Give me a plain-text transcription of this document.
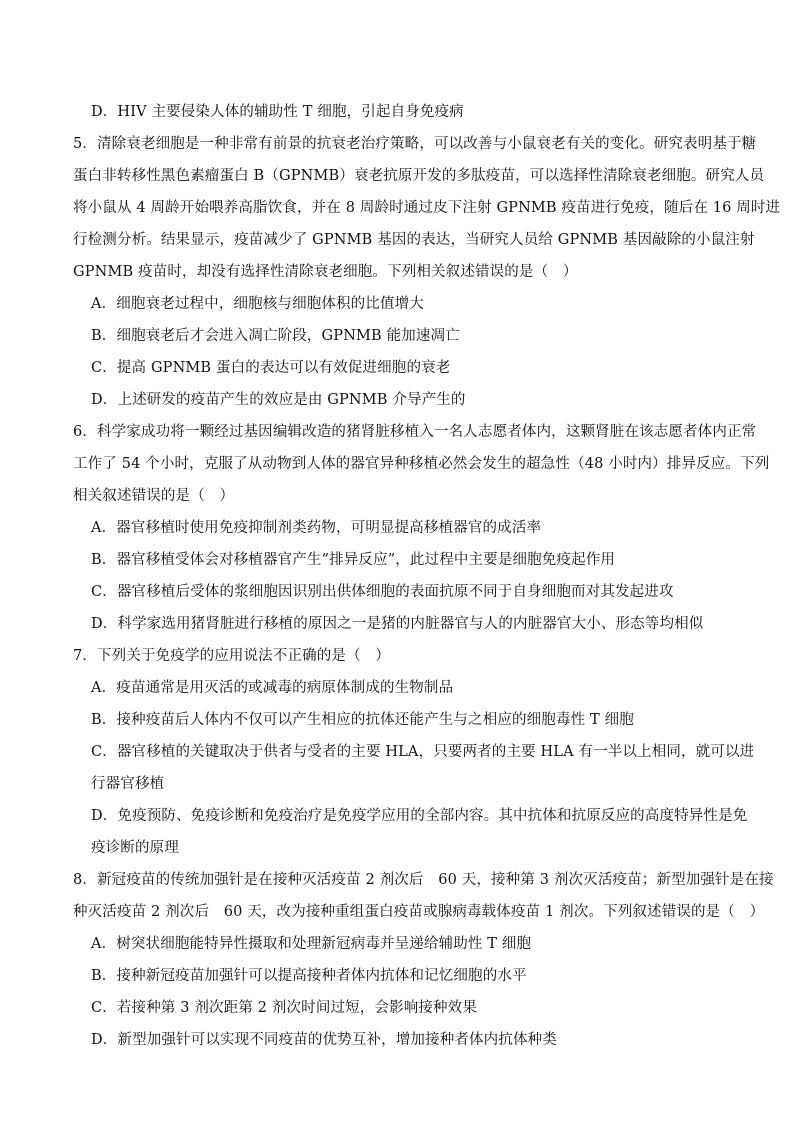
D．HIV 主要侵染人体的辅助性 T 细胞，引起自身免疫病
5．清除衰老细胞是一种非常有前景的抗衰老治疗策略，可以改善与小鼠衰老有关的变化。研究表明基于糖
蛋白非转移性黑色素瘤蛋白 B（GPNMB）衰老抗原开发的多肽疫苗，可以选择性清除衰老细胞。研究人员
将小鼠从 4 周龄开始喂养高脂饮食，并在 8 周龄时通过皮下注射 GPNMB 疫苗进行免疫，随后在 16 周时进
行检测分析。结果显示，疫苗减少了 GPNMB 基因的表达，当研究人员给 GPNMB 基因敲除的小鼠注射
GPNMB 疫苗时，却没有选择性清除衰老细胞。下列相关叙述错误的是（　）
A．细胞衰老过程中，细胞核与细胞体积的比值增大
B．细胞衰老后才会进入凋亡阶段，GPNMB 能加速凋亡
C．提高 GPNMB 蛋白的表达可以有效促进细胞的衰老
D．上述研发的疫苗产生的效应是由 GPNMB 介导产生的
6．科学家成功将一颗经过基因编辑改造的猪肾脏移植入一名人志愿者体内，这颗肾脏在该志愿者体内正常
工作了 54 个小时，克服了从动物到人体的器官异种移植必然会发生的超急性（48 小时内）排异反应。下列
相关叙述错误的是（　）
A．器官移植时使用免疫抑制剂类药物，可明显提高移植器官的成活率
B．器官移植受体会对移植器官产生“排异反应”，此过程中主要是细胞免疫起作用
C．器官移植后受体的浆细胞因识别出供体细胞的表面抗原不同于自身细胞而对其发起进攻
D．科学家选用猪肾脏进行移植的原因之一是猪的内脏器官与人的内脏器官大小、形态等均相似
7．下列关于免疫学的应用说法不正确的是（　）
A．疫苗通常是用灭活的或减毒的病原体制成的生物制品
B．接种疫苗后人体内不仅可以产生相应的抗体还能产生与之相应的细胞毒性 T 细胞
C．器官移植的关键取决于供者与受者的主要 HLA，只要两者的主要 HLA 有一半以上相同，就可以进
行器官移植
D．免疫预防、免疫诊断和免疫治疗是免疫学应用的全部内容。其中抗体和抗原反应的高度特异性是免
疫诊断的原理
8．新冠疫苗的传统加强针是在接种灭活疫苗 2 剂次后　60 天，接种第 3 剂次灭活疫苗；新型加强针是在接
种灭活疫苗 2 剂次后　60 天，改为接种重组蛋白疫苗或腺病毒载体疫苗 1 剂次。下列叙述错误的是（　）
A．树突状细胞能特异性摄取和处理新冠病毒并呈递给辅助性 T 细胞
B．接种新冠疫苗加强针可以提高接种者体内抗体和记忆细胞的水平
C．若接种第 3 剂次距第 2 剂次时间过短，会影响接种效果
D．新型加强针可以实现不同疫苗的优势互补，增加接种者体内抗体种类
